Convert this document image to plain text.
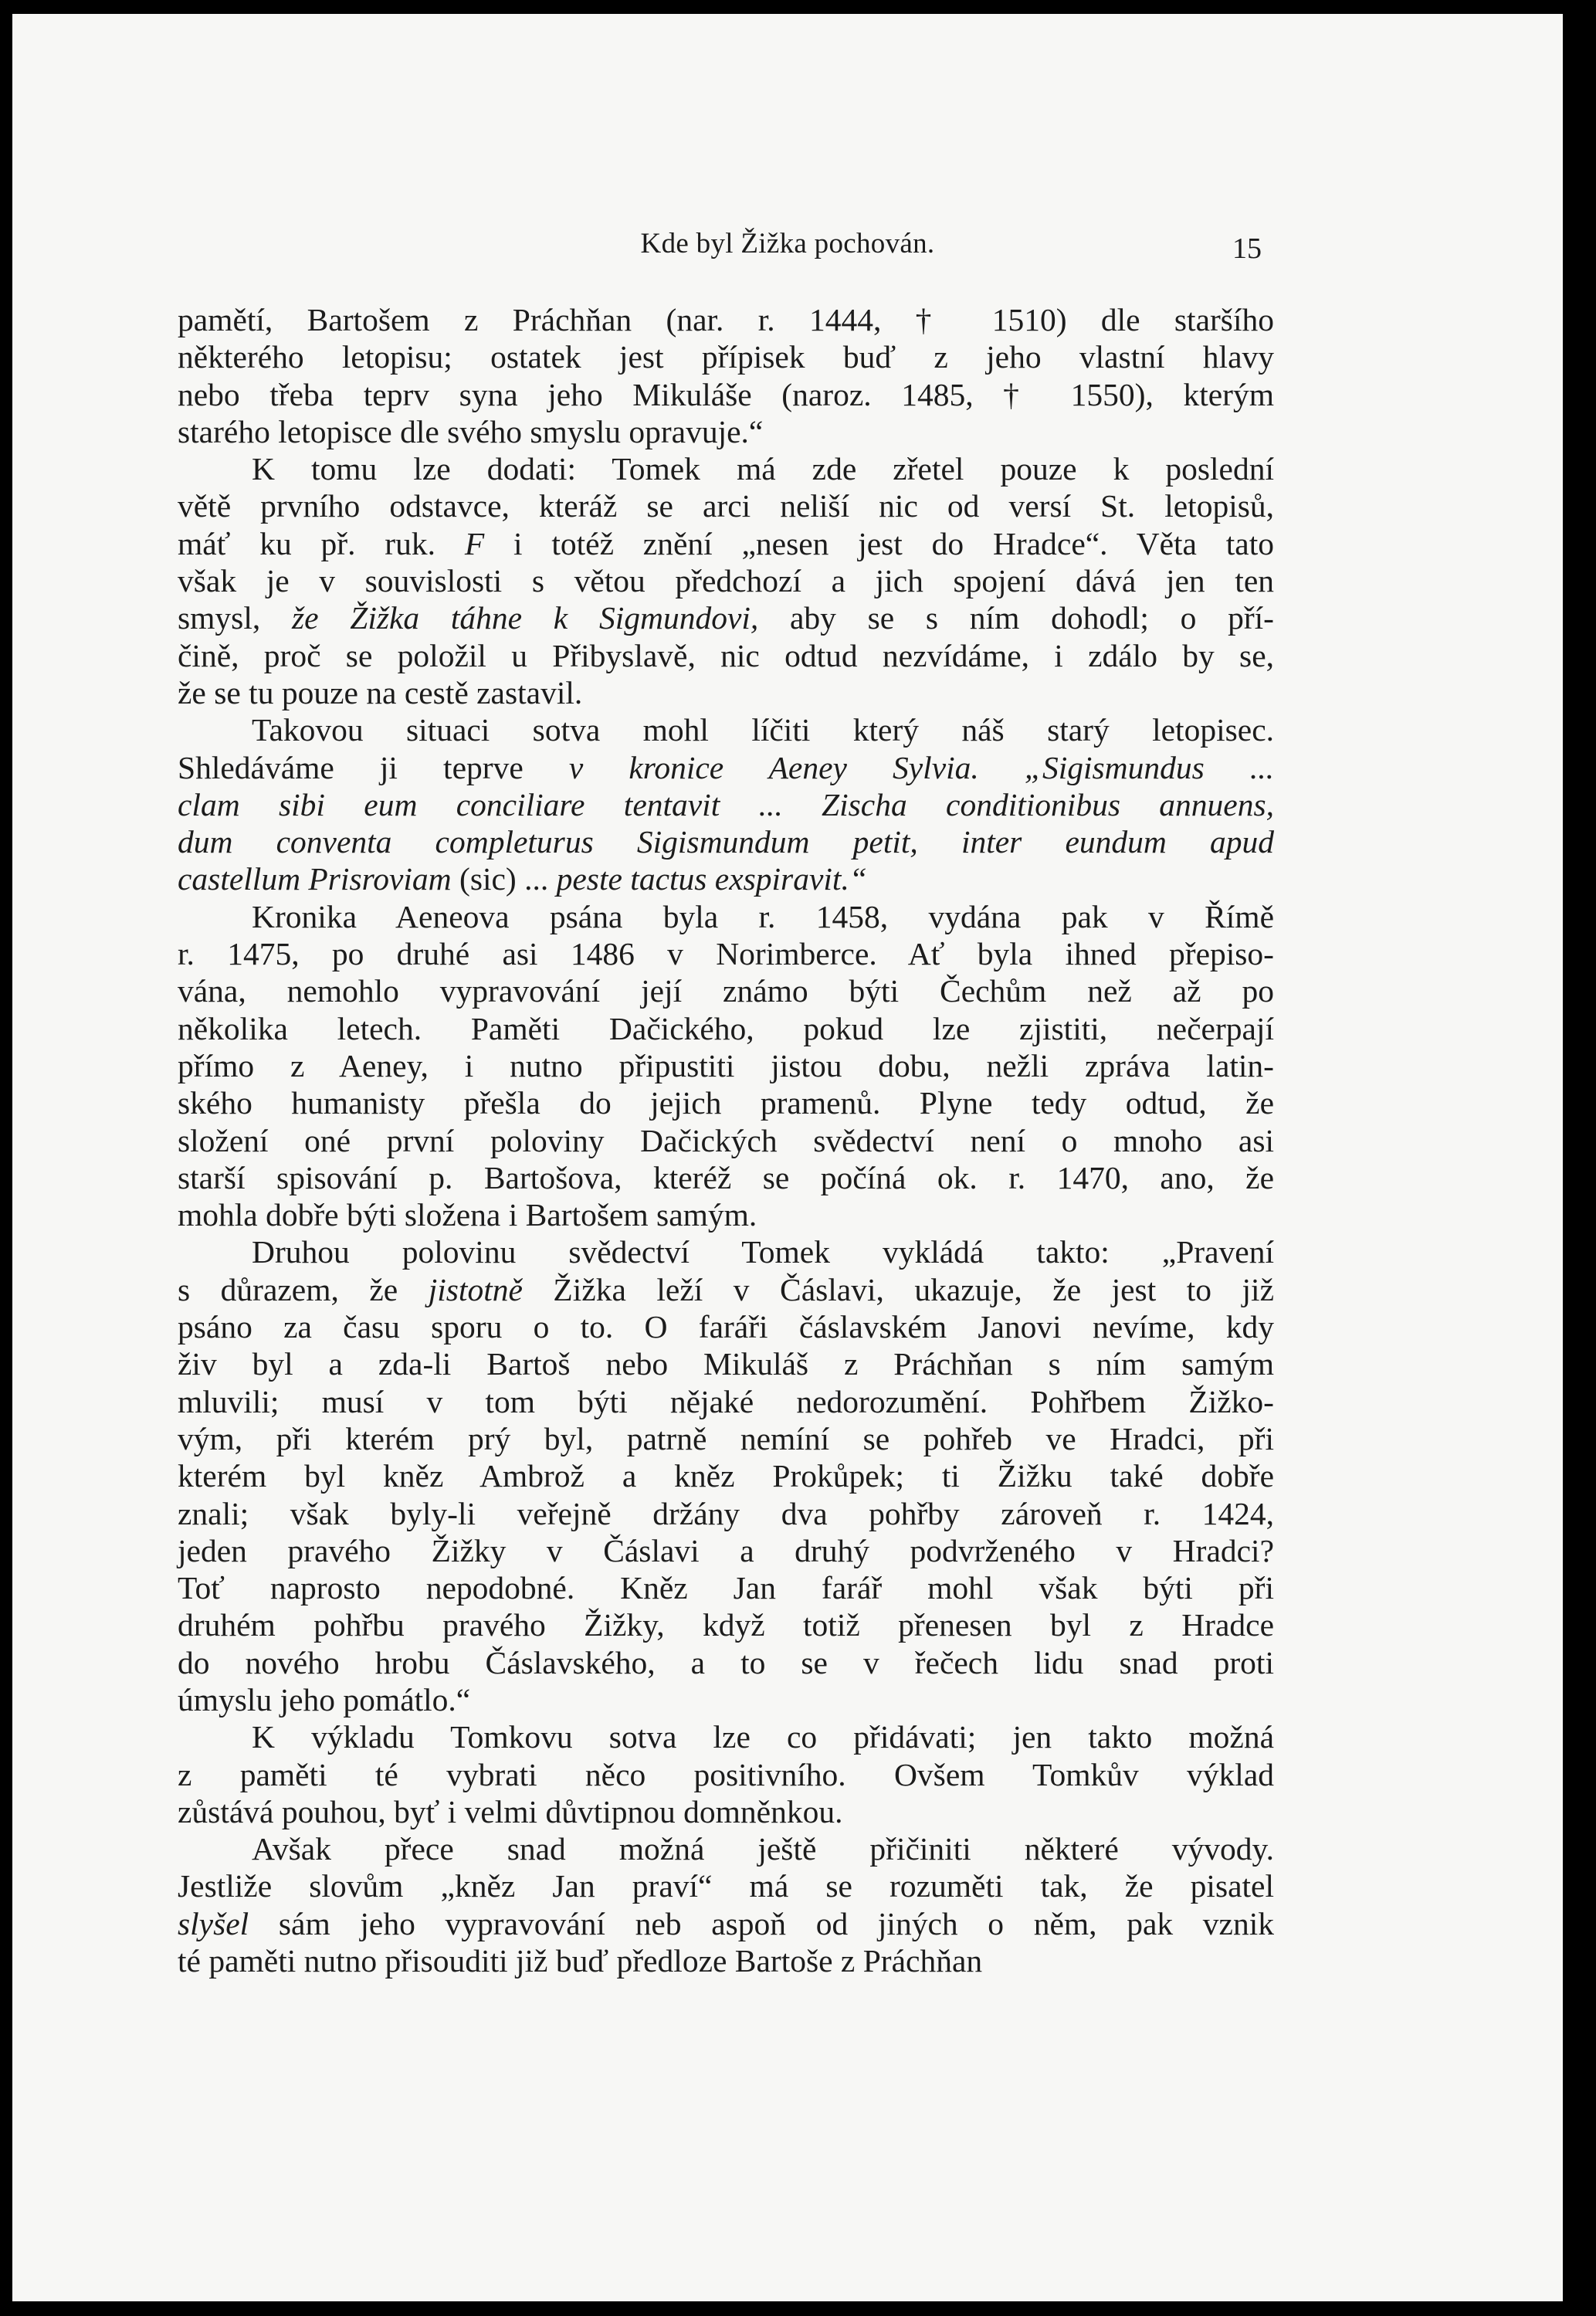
Kde byl Žižka pochován.	15
pamětí, Bartošem z Práchňan (nar. r. 1444, † 1510) dle staršího
některého letopisu; ostatek jest přípisek buď z jeho vlastní hlavy
nebo třeba teprv syna jeho Mikuláše (naroz. 1485, † 1550), kterým
starého letopisce dle svého smyslu opravuje.“
K tomu lze dodati: Tomek má zde zřetel pouze k poslední
větě prvního odstavce, kteráž se arci neliší nic od versí St. letopisů,
máť ku př. ruk. F i totéž znění „nesen jest do Hradce“. Věta tato
však je v souvislosti s větou předchozí a jich spojení dává jen ten
smysl, že Žižka táhne k Sigmundovi, aby se s ním dohodl; o pří-
čině, proč se položil u Přibyslavě, nic odtud nezvídáme, i zdálo by se,
že se tu pouze na cestě zastavil.
Takovou situaci sotva mohl líčiti který náš starý letopisec.
Shledáváme ji teprve v kronice Aeney Sylvia. „Sigismundus ...
clam sibi eum conciliare tentavit ... Zischa conditionibus annuens,
dum conventa completurus Sigismundum petit, inter eundum apud
castellum Prisroviam (sic) ... peste tactus exspiravit.“
Kronika Aeneova psána byla r. 1458, vydána pak v Římě
r. 1475, po druhé asi 1486 v Norimberce. Ať byla ihned přepiso-
vána, nemohlo vypravování její známo býti Čechům než až po
několika letech. Paměti Dačického, pokud lze zjistiti, nečerpají
přímo z Aeney, i nutno připustiti jistou dobu, nežli zpráva latin-
ského humanisty přešla do jejich pramenů. Plyne tedy odtud, že
složení oné první poloviny Dačických svědectví není o mnoho asi
starší spisování p. Bartošova, kteréž se počíná ok. r. 1470, ano, že
mohla dobře býti složena i Bartošem samým.
Druhou polovinu svědectví Tomek vykládá takto: „Pravení
s důrazem, že jistotně Žižka leží v Čáslavi, ukazuje, že jest to již
psáno za času sporu o to. O faráři čáslavském Janovi nevíme, kdy
živ byl a zda-li Bartoš nebo Mikuláš z Práchňan s ním samým
mluvili; musí v tom býti nějaké nedorozumění. Pohřbem Žižko-
vým, při kterém prý byl, patrně nemíní se pohřeb ve Hradci, při
kterém byl kněz Ambrož a kněz Prokůpek; ti Žižku také dobře
znali; však byly-li veřejně držány dva pohřby zároveň r. 1424,
jeden pravého Žižky v Čáslavi a druhý podvrženého v Hradci?
Toť naprosto nepodobné. Kněz Jan farář mohl však býti při
druhém pohřbu pravého Žižky, když totiž přenesen byl z Hradce
do nového hrobu Čáslavského, a to se v řečech lidu snad proti
úmyslu jeho pomátlo.“
K výkladu Tomkovu sotva lze co přidávati; jen takto možná
z paměti té vybrati něco positivního. Ovšem Tomkův výklad
zůstává pouhou, byť i velmi důvtipnou domněnkou.
Avšak přece snad možná ještě přičiniti některé vývody.
Jestliže slovům „kněz Jan praví“ má se rozuměti tak, že pisatel
slyšel sám jeho vypravování neb aspoň od jiných o něm, pak vznik
té paměti nutno přisouditi již buď předloze Bartoše z Práchňan
